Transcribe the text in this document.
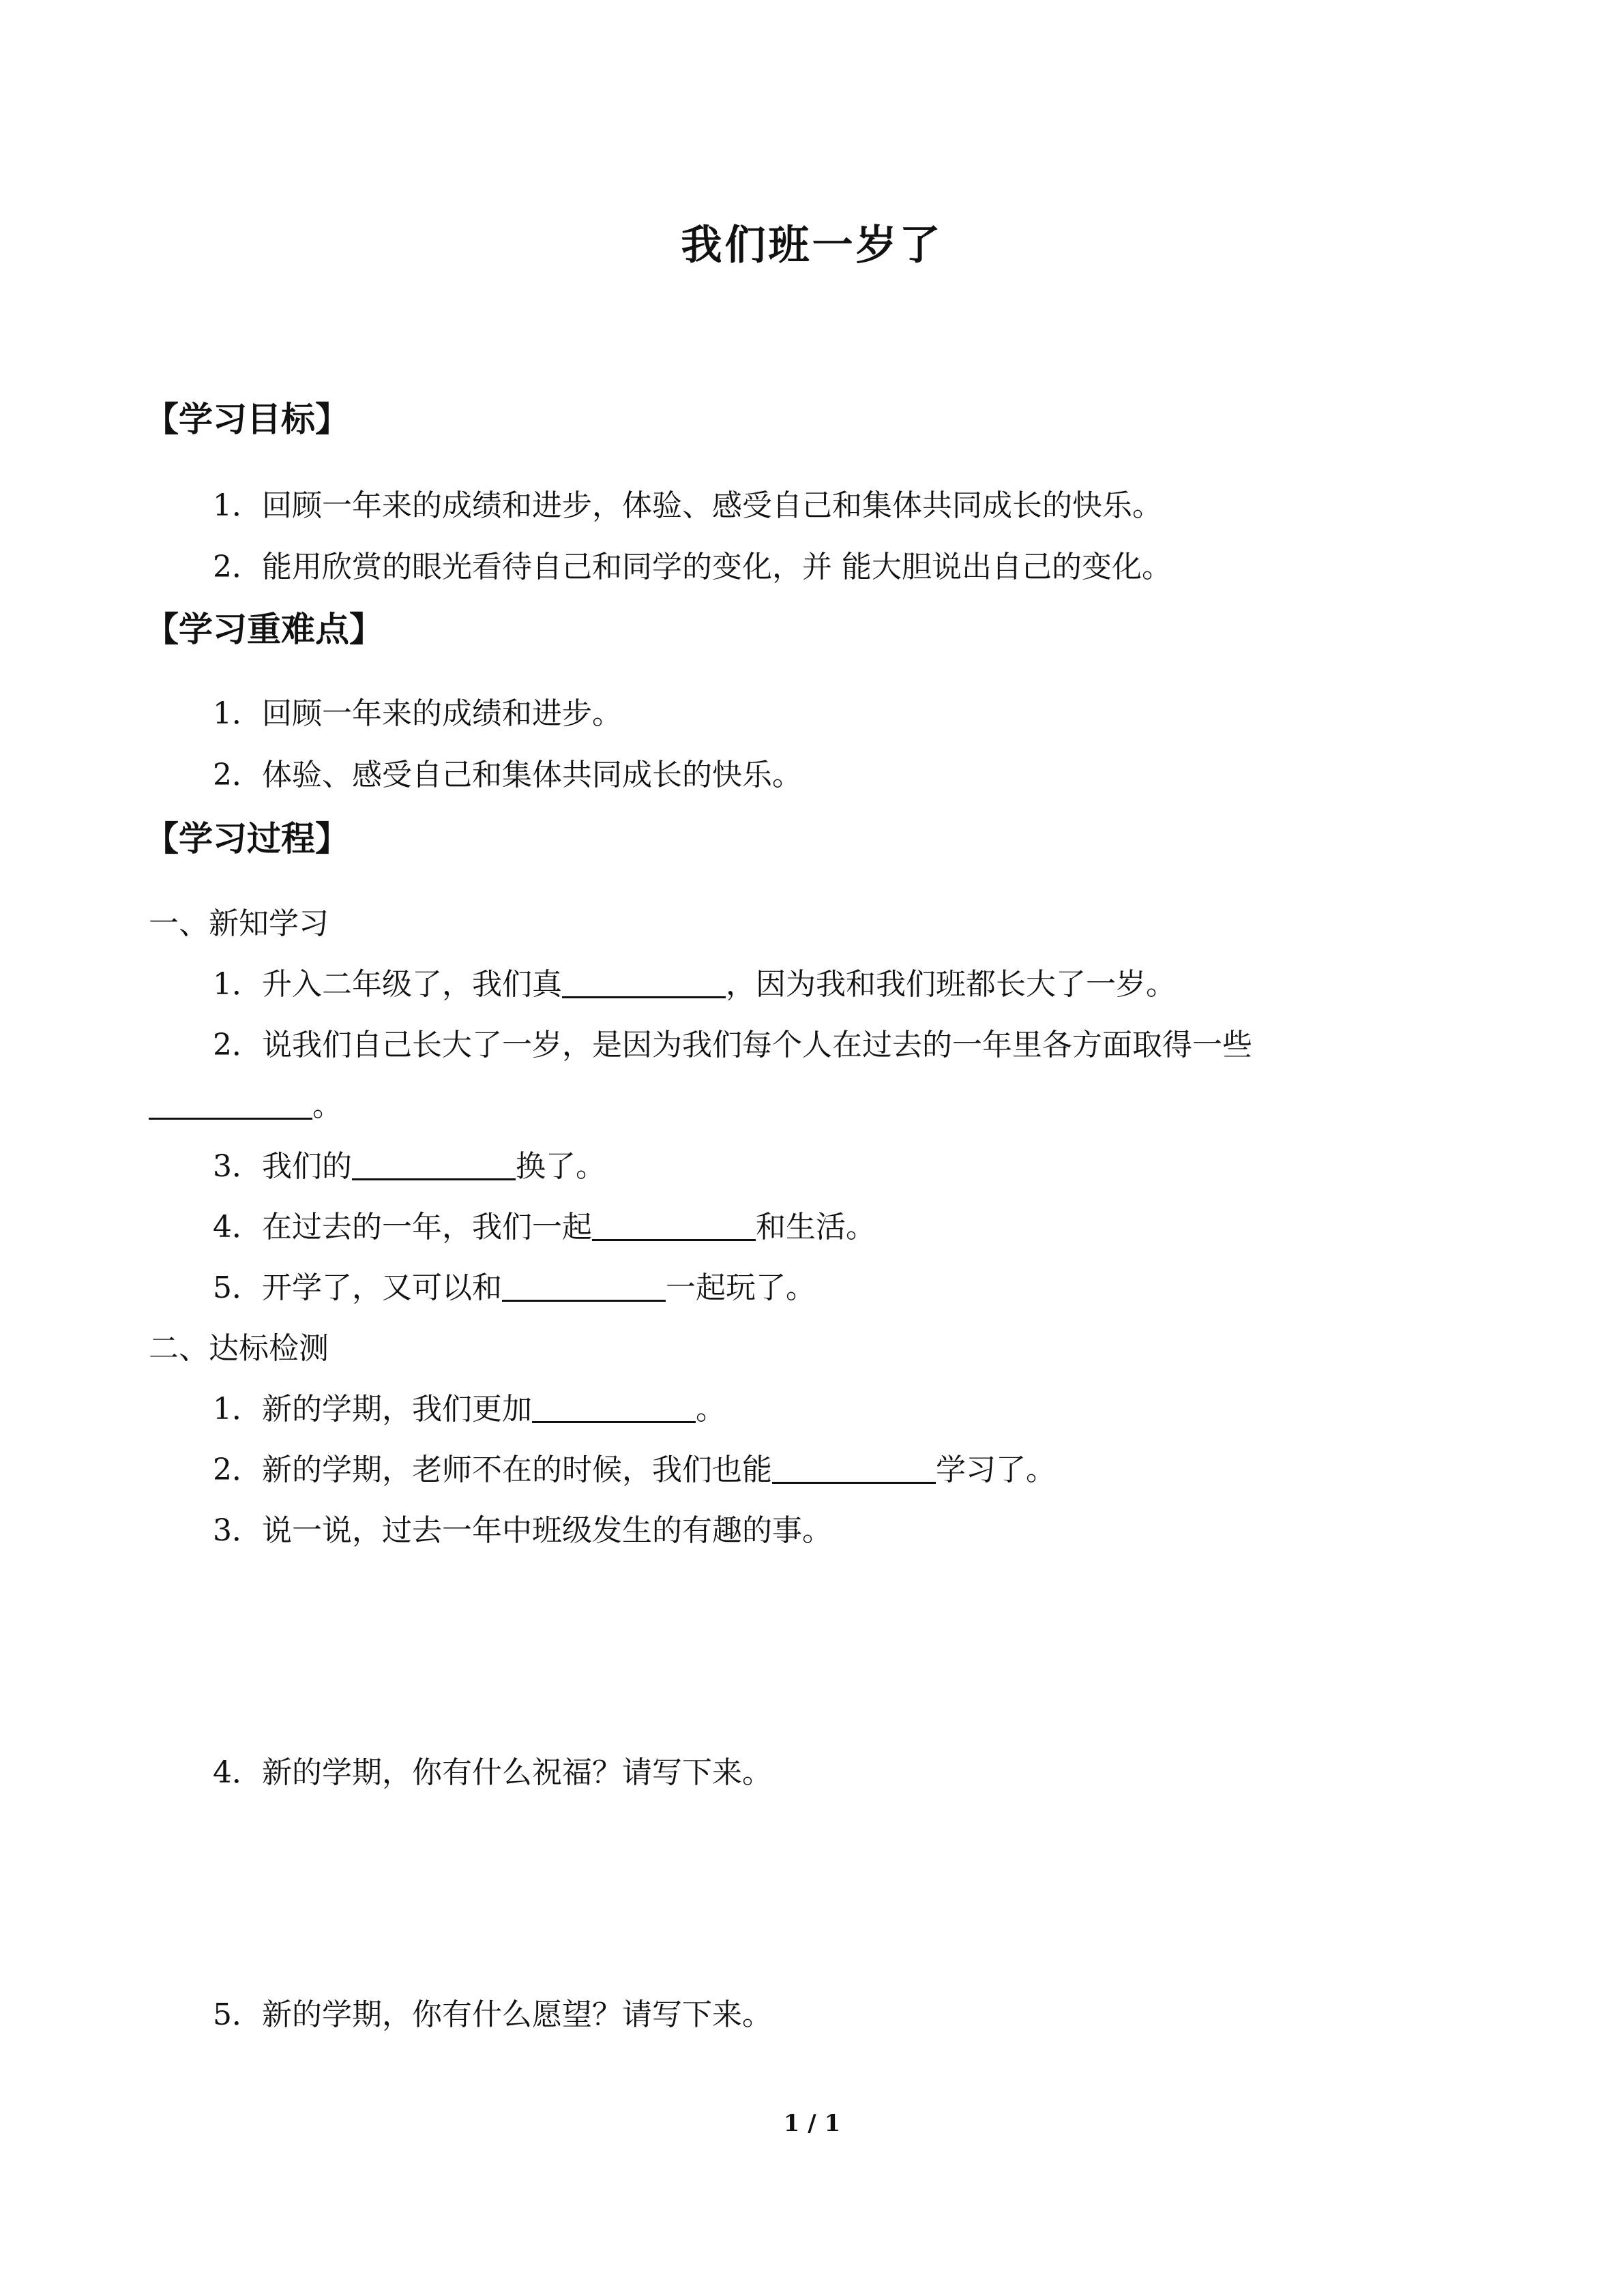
我们班一岁了
【学习目标】
1．回顾一年来的成绩和进步，体验、感受自己和集体共同成长的快乐。
2．能用欣赏的眼光看待自己和同学的变化，并 能大胆说出自己的变化。
【学习重难点】
1．回顾一年来的成绩和进步。
2．体验、感受自己和集体共同成长的快乐。
【学习过程】
一、新知学习
1．升入二年级了，我们真	，因为我和我们班都长大了一岁。
2．说我们自己长大了一岁，是因为我们每个人在过去的一年里各方面取得一些
。
3．我们的	换了。
4．在过去的一年，我们一起	和生活。
5．开学了，又可以和	一起玩了。
二、达标检测
1．新的学期，我们更加	。
2．新的学期，老师不在的时候，我们也能	学习了。
3．说一说，过去一年中班级发生的有趣的事。
4．新的学期，你有什么祝福？请写下来。
5．新的学期，你有什么愿望？请写下来。
1 / 1
